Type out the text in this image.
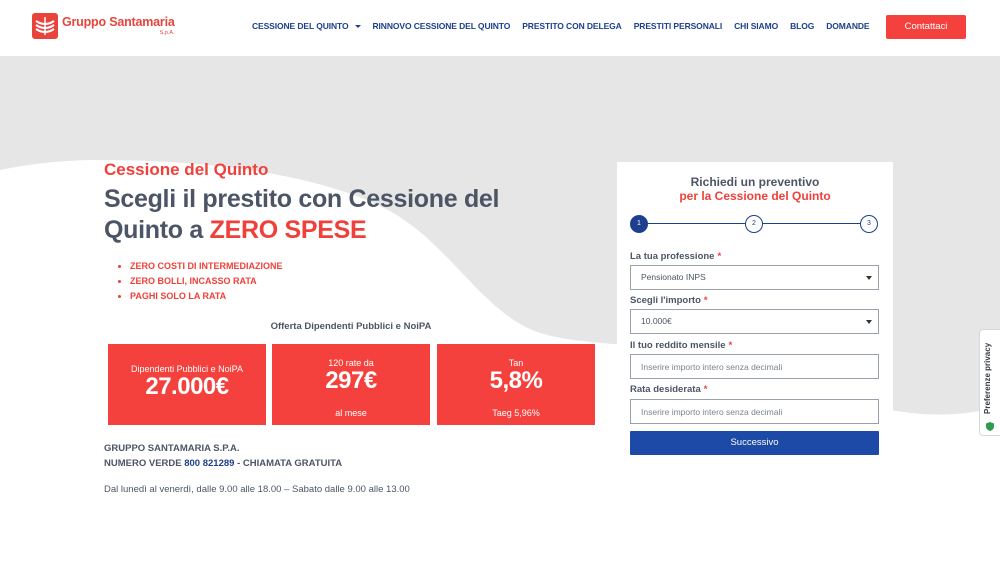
Gruppo Santamaria
S.p.A.
CESSIONE DEL QUINTO	RINNOVO CESSIONE DEL QUINTO PRESTITO CON DELEGA PRESTITI PERSONALI CHI SIAMO BLOG DOMANDE	Contattaci
Cessione del Quinto
Scegli il prestito con Cessione del Quinto a ZERO SPESE
ZERO COSTI DI INTERMEDIAZIONE
ZERO BOLLI, INCASSO RATA
PAGHI SOLO LA RATA
Offerta Dipendenti Pubblici e NoiPA
Dipendenti Pubblici e NoiPA
27.000€
120 rate da
297€
al mese
Tan
5,8%
Taeg 5,96%
GRUPPO SANTAMARIA S.P.A.
NUMERO VERDE 800 821289 - CHIAMATA GRATUITA
Dal lunedì al venerdì, dalle 9.00 alle 18.00 – Sabato dalle 9.00 alle 13.00
Richiedi un preventivo
per la Cessione del Quinto
1	2	3
La tua professione *
Pensionato INPS
Scegli l'importo *
10.000€
Il tuo reddito mensile *
Inserire importo intero senza decimali
Rata desiderata *
Inserire importo intero senza decimali
Successivo
Preferenze privacy
